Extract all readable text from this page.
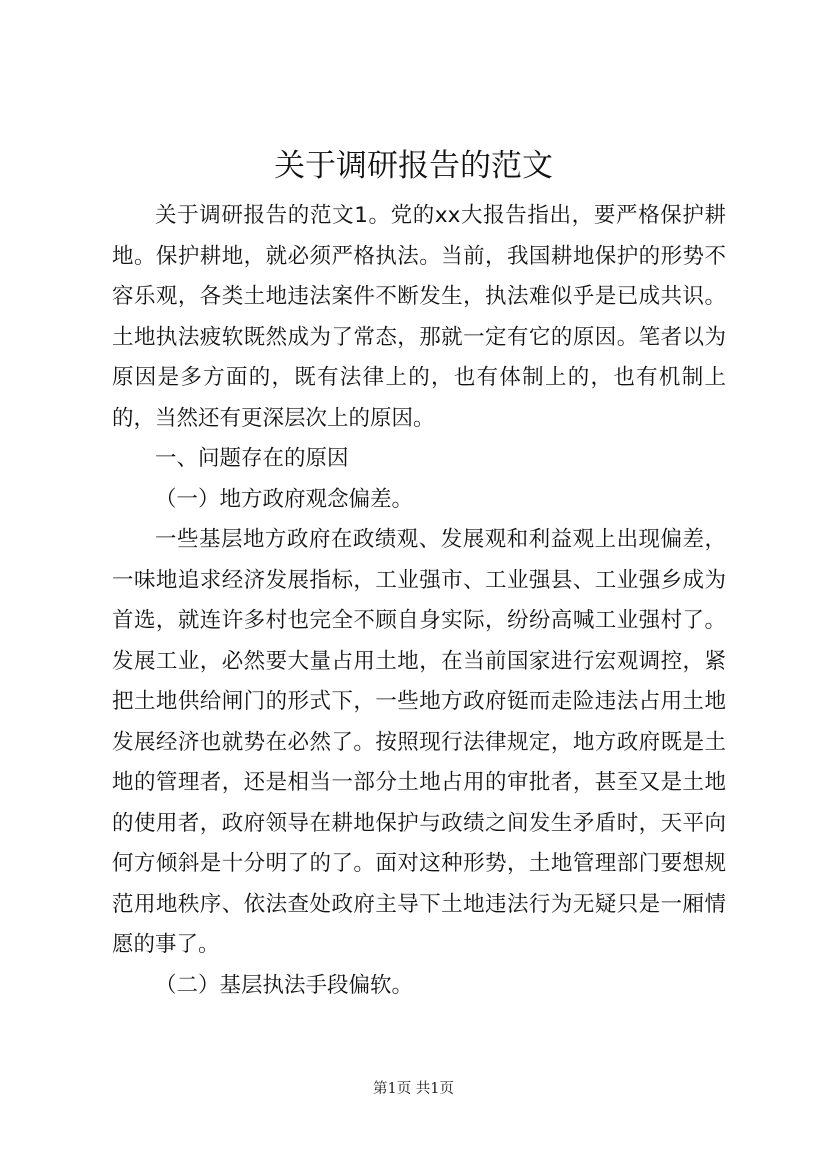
关于调研报告的范文

关于调研报告的范文1。党的xx大报告指出，要严格保护耕地。保护耕地，就必须严格执法。当前，我国耕地保护的形势不容乐观，各类土地违法案件不断发生，执法难似乎是已成共识。土地执法疲软既然成为了常态，那就一定有它的原因。笔者以为原因是多方面的，既有法律上的，也有体制上的，也有机制上的，当然还有更深层次上的原因。

一、问题存在的原因

（一）地方政府观念偏差。

一些基层地方政府在政绩观、发展观和利益观上出现偏差，一味地追求经济发展指标，工业强市、工业强县、工业强乡成为首选，就连许多村也完全不顾自身实际，纷纷高喊工业强村了。发展工业，必然要大量占用土地，在当前国家进行宏观调控，紧把土地供给闸门的形式下，一些地方政府铤而走险违法占用土地发展经济也就势在必然了。按照现行法律规定，地方政府既是土地的管理者，还是相当一部分土地占用的审批者，甚至又是土地的使用者，政府领导在耕地保护与政绩之间发生矛盾时，天平向何方倾斜是十分明了的了。面对这种形势，土地管理部门要想规范用地秩序、依法查处政府主导下土地违法行为无疑只是一厢情愿的事了。

（二）基层执法手段偏软。

第1页 共1页
